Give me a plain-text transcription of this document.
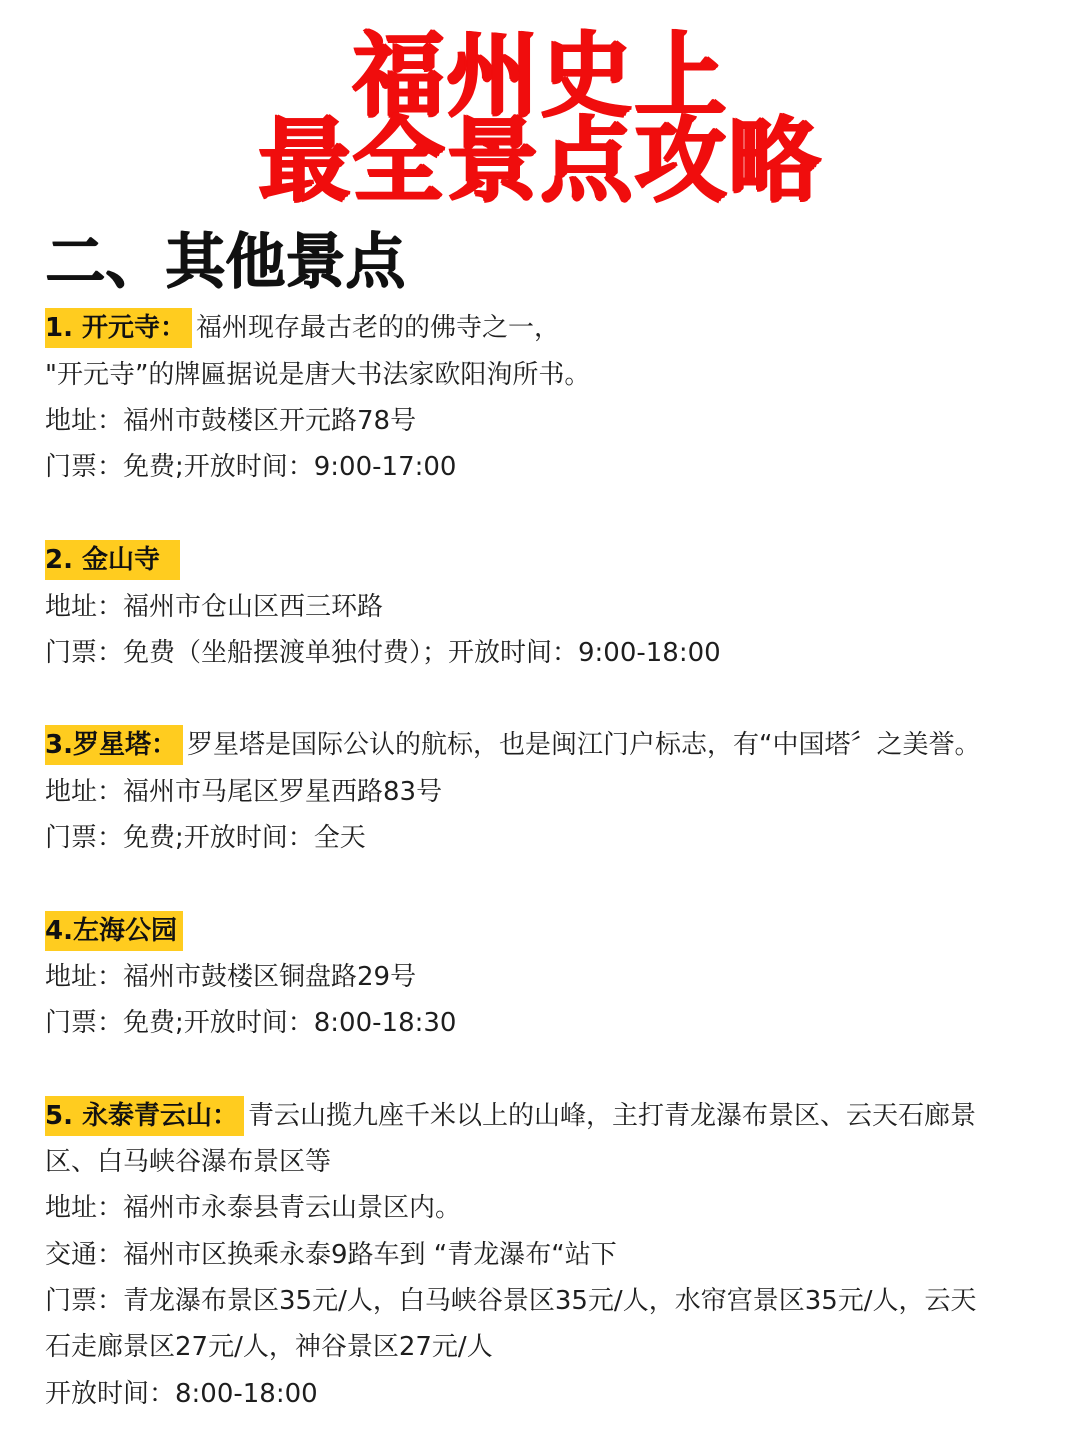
福州史上
最全景点攻略
二、其他景点
1. 开元寺： 福州现存最古老的的佛寺之一，
"开元寺”的牌匾据说是唐大书法家欧阳洵所书。
地址：福州市鼓楼区开元路78号
门票：免费;开放时间：9:00-17:00
2. 金山寺
地址：福州市仓山区西三环路
门票：免费（坐船摆渡单独付费）；开放时间：9:00-18:00
3.罗星塔： 罗星塔是国际公认的航标，也是闽江门户标志，有“中国塔〞之美誉。
地址：福州市马尾区罗星西路83号
门票：免费;开放时间：全天
4.左海公园
地址：福州市鼓楼区铜盘路29号
门票：免费;开放时间：8:00-18:30
5. 永泰青云山： 青云山揽九座千米以上的山峰，主打青龙瀑布景区、云天石廊景
区、白马峡谷瀑布景区等
地址：福州市永泰县青云山景区内。
交通：福州市区换乘永泰9路车到 “青龙瀑布“站下
门票：青龙瀑布景区35元/人，白马峡谷景区35元/人，水帘宫景区35元/人，云天
石走廊景区27元/人，神谷景区27元/人
开放时间：8:00-18:00
